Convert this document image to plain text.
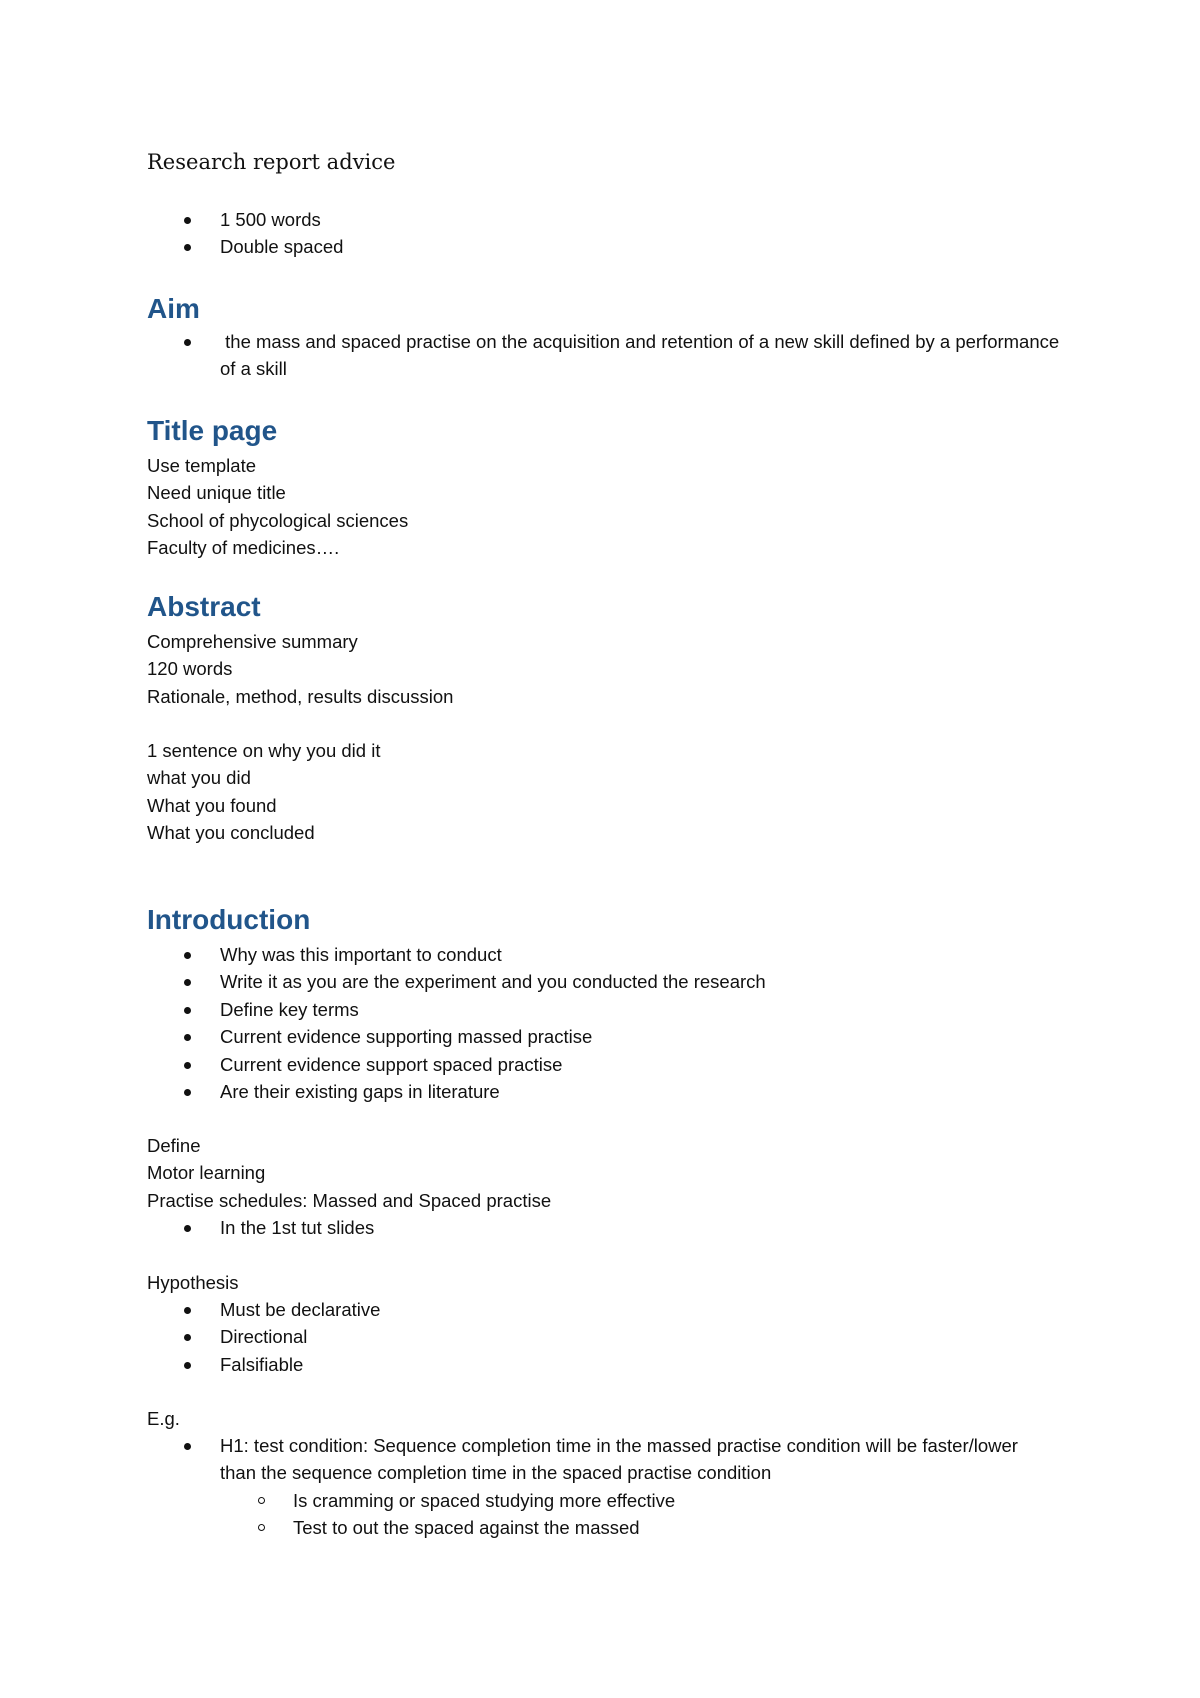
Research report advice
1 500 words
Double spaced
Aim
the mass and spaced practise on the acquisition and retention of a new skill defined by a performance of a skill
Title page
Use template
Need unique title
School of phycological sciences
Faculty of medicines….
Abstract
Comprehensive summary
120 words
Rationale, method, results discussion
1 sentence on why you did it
what you did
What you found
What you concluded
Introduction
Why was this important to conduct
Write it as you are the experiment and you conducted the research
Define key terms
Current evidence supporting massed practise
Current evidence support spaced practise
Are their existing gaps in literature
Define
Motor learning
Practise schedules: Massed and Spaced practise
In the 1st tut slides
Hypothesis
Must be declarative
Directional
Falsifiable
E.g.
H1: test condition: Sequence completion time in the massed practise condition will be faster/lower than the sequence completion time in the spaced practise condition
Is cramming or spaced studying more effective
Test to out the spaced against the massed
